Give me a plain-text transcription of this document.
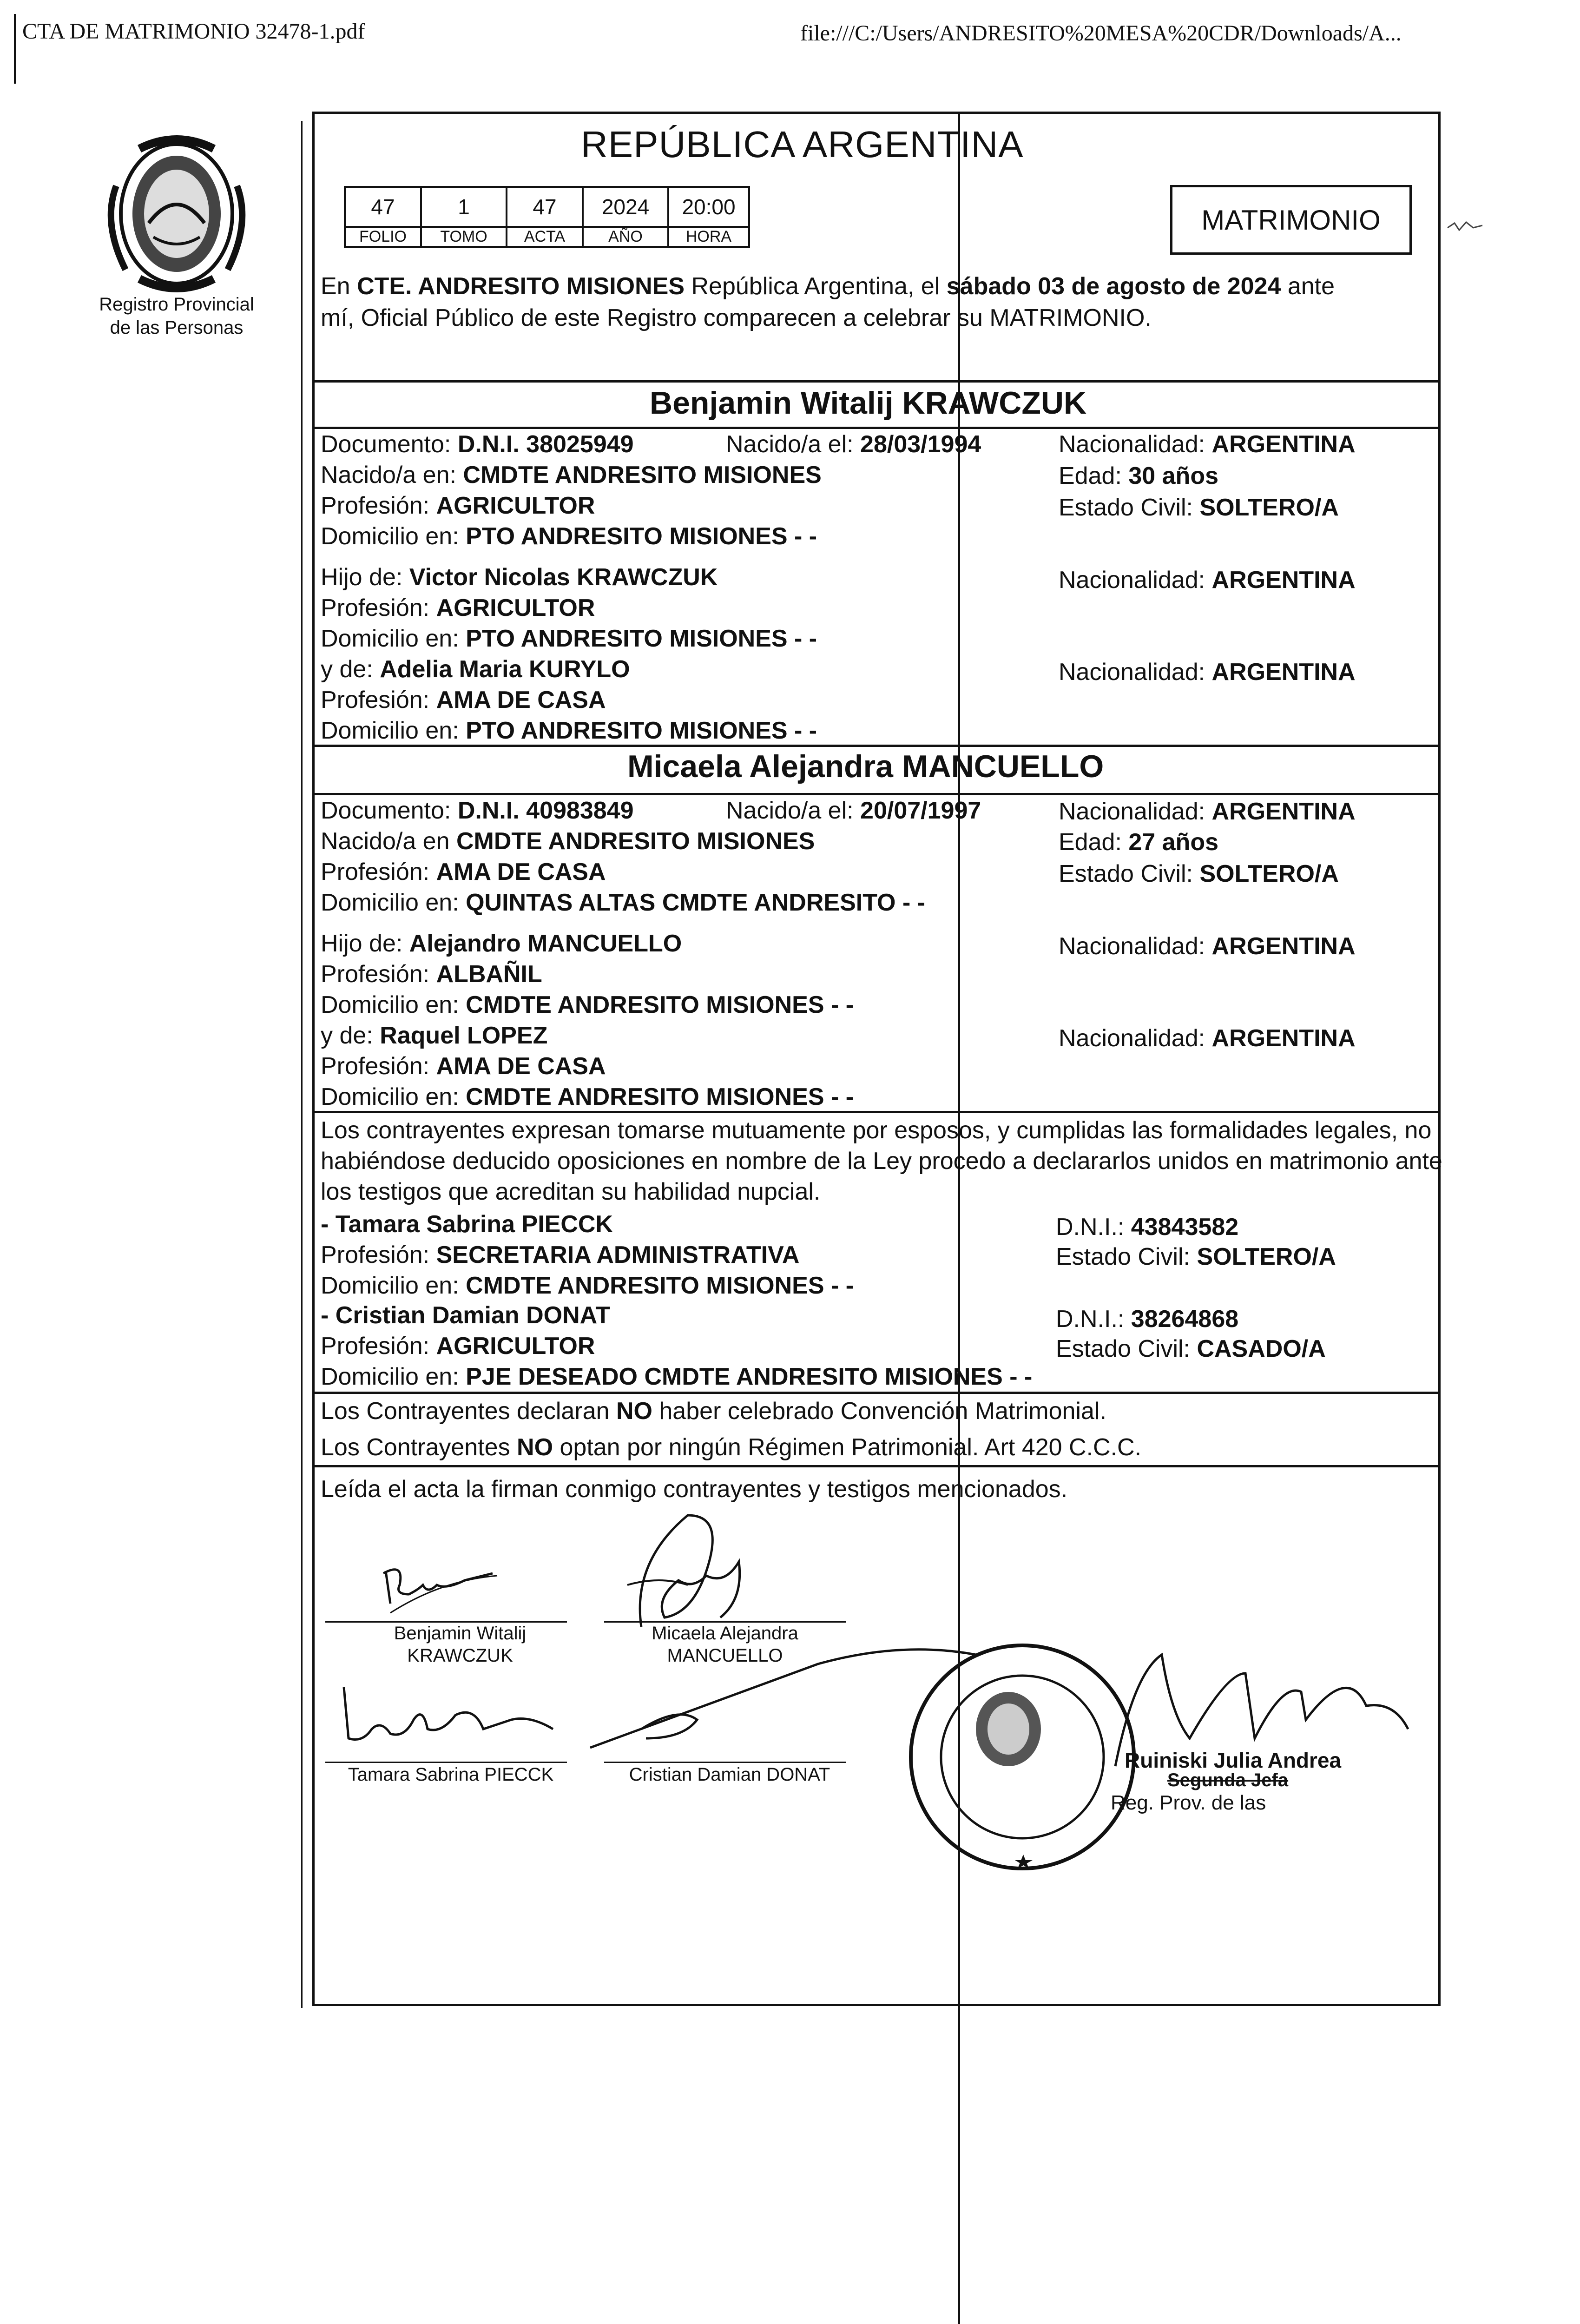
CTA DE MATRIMONIO 32478-1.pdf	file:///C:/Users/ANDRESITO%20MESA%20CDR/Downloads/A...
Registro Provincial
de las Personas
REPÚBLICA ARGENTINA
47	1	47	2024	20:00
FOLIO	TOMO	ACTA	AÑO	HORA
MATRIMONIO
En CTE. ANDRESITO MISIONES República Argentina, el sábado 03 de agosto de 2024 ante
mí, Oficial Público de este Registro comparecen a celebrar su MATRIMONIO.
Benjamin Witalij KRAWCZUK
Documento: D.N.I. 38025949	Nacido/a el: 28/03/1994	Nacionalidad: ARGENTINA
Nacido/a en: CMDTE ANDRESITO MISIONES	Edad: 30 años
Profesión: AGRICULTOR	Estado Civil: SOLTERO/A
Domicilio en: PTO ANDRESITO MISIONES - -
Hijo de: Victor Nicolas KRAWCZUK	Nacionalidad: ARGENTINA
Profesión: AGRICULTOR
Domicilio en: PTO ANDRESITO MISIONES - -
y de: Adelia Maria KURYLO	Nacionalidad: ARGENTINA
Profesión: AMA DE CASA
Domicilio en: PTO ANDRESITO MISIONES - -
Micaela Alejandra MANCUELLO
Documento: D.N.I. 40983849	Nacido/a el: 20/07/1997	Nacionalidad: ARGENTINA
Nacido/a en CMDTE ANDRESITO MISIONES	Edad: 27 años
Profesión: AMA DE CASA	Estado Civil: SOLTERO/A
Domicilio en: QUINTAS ALTAS CMDTE ANDRESITO - -
Hijo de: Alejandro MANCUELLO	Nacionalidad: ARGENTINA
Profesión: ALBAÑIL
Domicilio en: CMDTE ANDRESITO MISIONES - -
y de: Raquel LOPEZ	Nacionalidad: ARGENTINA
Profesión: AMA DE CASA
Domicilio en: CMDTE ANDRESITO MISIONES - -
Los contrayentes expresan tomarse mutuamente por esposos, y cumplidas las formalidades legales, no
habiéndose deducido oposiciones en nombre de la Ley procedo a declararlos unidos en matrimonio ante
los testigos que acreditan su habilidad nupcial.
- Tamara Sabrina PIECCK	D.N.I.: 43843582
Profesión: SECRETARIA ADMINISTRATIVA	Estado Civil: SOLTERO/A
Domicilio en: CMDTE ANDRESITO MISIONES - -
- Cristian Damian DONAT	D.N.I.: 38264868
Profesión: AGRICULTOR	Estado Civil: CASADO/A
Domicilio en: PJE DESEADO CMDTE ANDRESITO MISIONES - -
Los Contrayentes declaran NO haber celebrado Convención Matrimonial.
Los Contrayentes NO optan por ningún Régimen Patrimonial. Art 420 C.C.C.
Leída el acta la firman conmigo contrayentes y testigos mencionados.
Benjamin Witalij
KRAWCZUK
Micaela Alejandra
MANCUELLO
Tamara Sabrina PIECCK	Cristian Damian DONAT
Ruiniski Julia Andrea
Segunda Jefa
Reg. Prov. de las
